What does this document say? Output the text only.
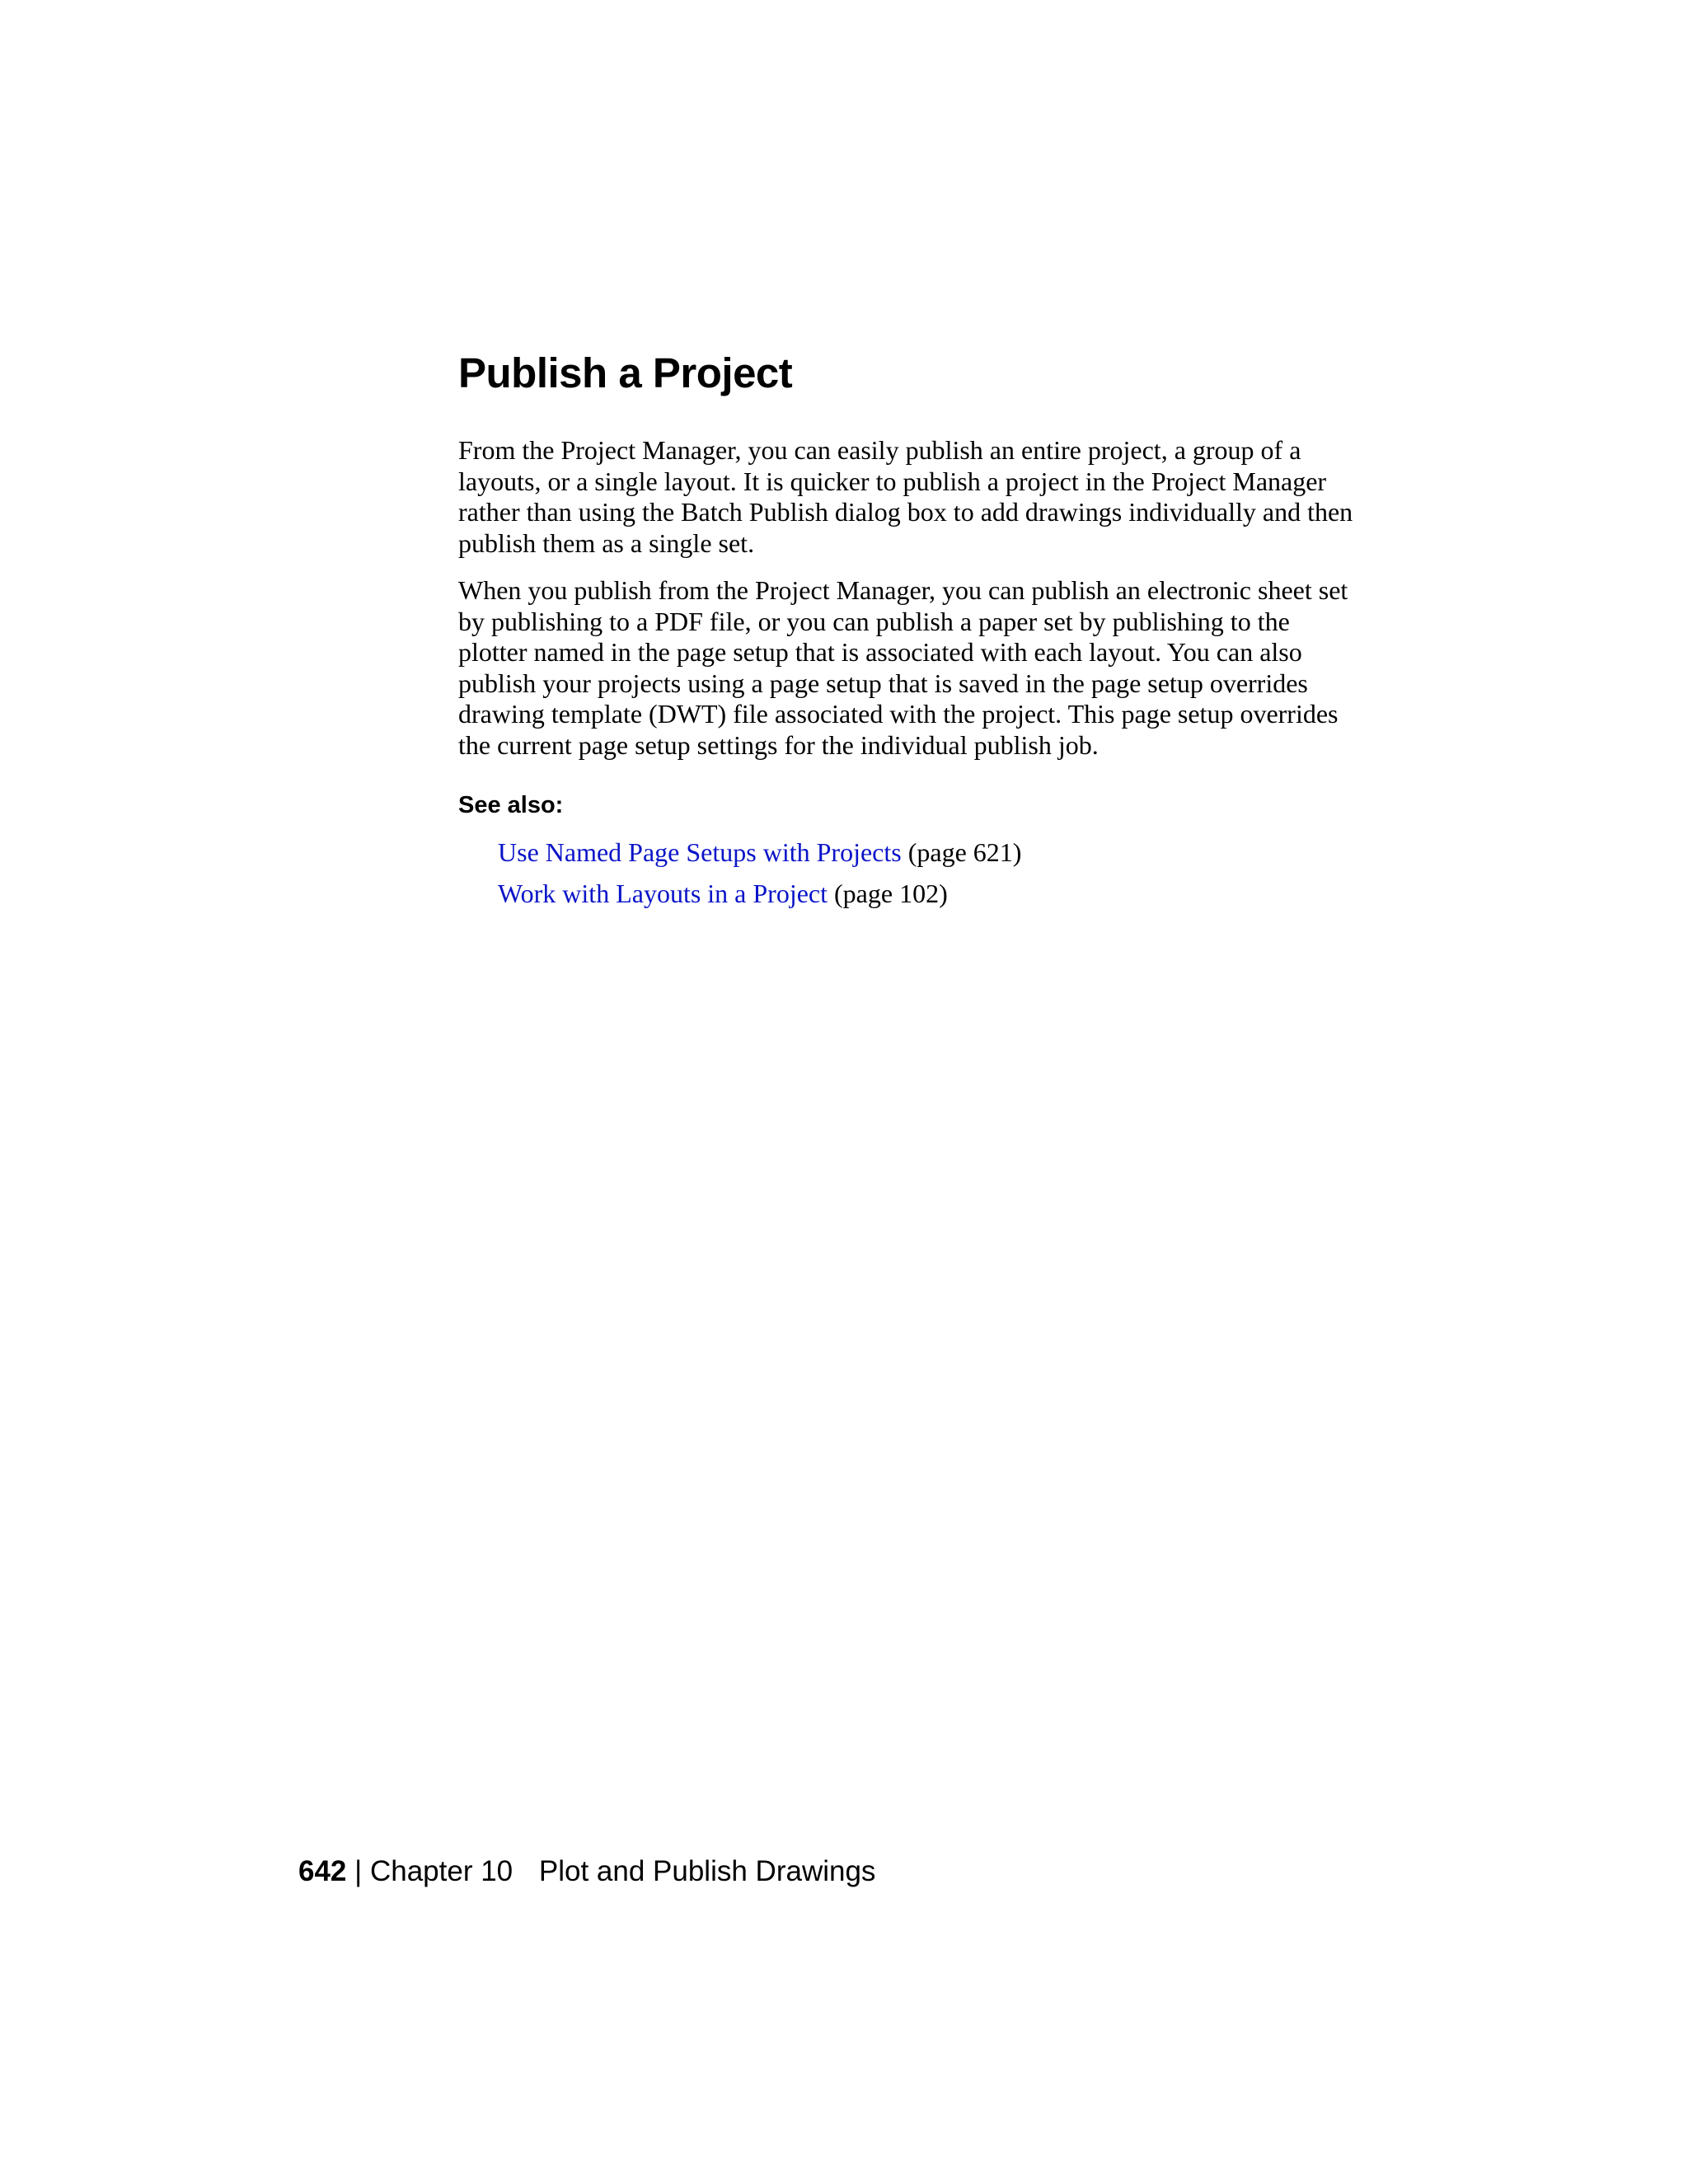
Publish a Project

From the Project Manager, you can easily publish an entire project, a group of a layouts, or a single layout. It is quicker to publish a project in the Project Manager rather than using the Batch Publish dialog box to add drawings individually and then publish them as a single set.

When you publish from the Project Manager, you can publish an electronic sheet set by publishing to a PDF file, or you can publish a paper set by publishing to the plotter named in the page setup that is associated with each layout. You can also publish your projects using a page setup that is saved in the page setup overrides drawing template (DWT) file associated with the project. This page setup overrides the current page setup settings for the individual publish job.

See also:
Use Named Page Setups with Projects (page 621)
Work with Layouts in a Project (page 102)
642 | Chapter 10 Plot and Publish Drawings
